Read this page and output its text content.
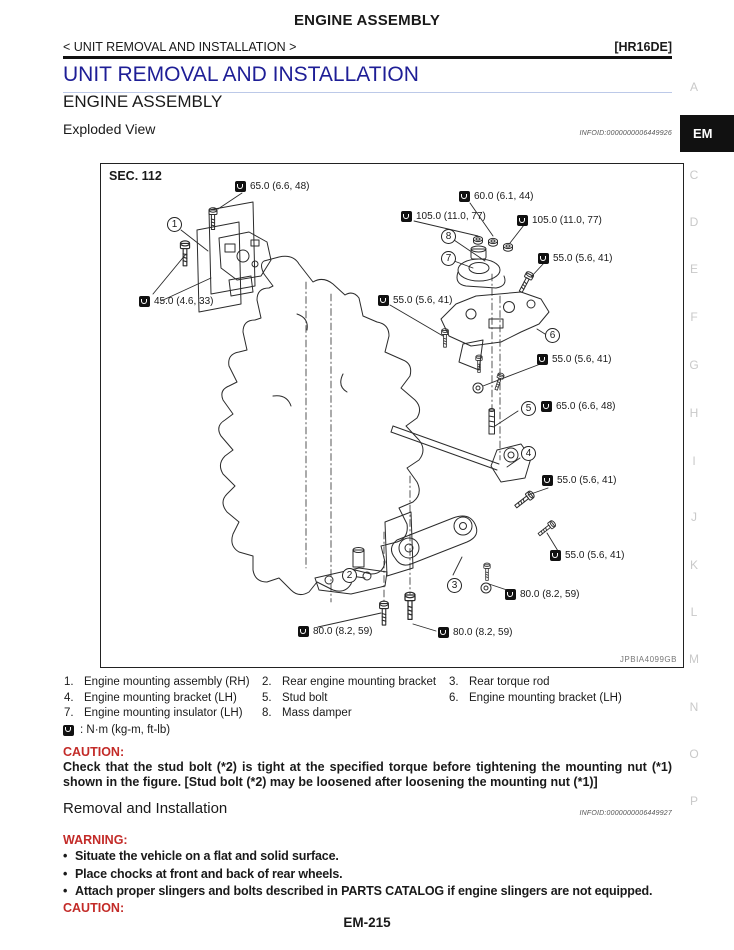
ENGINE ASSEMBLY
< UNIT REMOVAL AND INSTALLATION >	[HR16DE]
UNIT REMOVAL AND INSTALLATION
ENGINE ASSEMBLY
Exploded View	INFOID:0000000006449926
A
EM
C
D
E
F
G
H
I
J
K
L
M
N
O
P
SEC. 112
JPBIA4099GB
65.0 (6.6, 48)
45.0 (4.6, 33)
60.0 (6.1, 44)
105.0 (11.0, 77)	105.0 (11.0, 77)
55.0 (5.6, 41)
55.0 (5.6, 41)
55.0 (5.6, 41)
65.0 (6.6, 48)
55.0 (5.6, 41)
55.0 (5.6, 41)
80.0 (8.2, 59)
80.0 (8.2, 59)	80.0 (8.2, 59)
1
2
3
4
5
6
7
8
1. Engine mounting assembly (RH) 2. Rear engine mounting bracket 3. Rear torque rod
4. Engine mounting bracket (LH) 5. Stud bolt	6. Engine mounting bracket (LH)
7. Engine mounting insulator (LH) 8. Mass damper
: N·m (kg-m, ft-lb)
CAUTION:
Check that the stud bolt (*2) is tight at the specified torque before tightening the mounting nut (*1) shown in the figure. [Stud bolt (*2) may be loosened after loosening the mounting nut (*1)]
Removal and Installation	INFOID:0000000006449927
WARNING:
• Situate the vehicle on a flat and solid surface.
• Place chocks at front and back of rear wheels.
• Attach proper slingers and bolts described in PARTS CATALOG if engine slingers are not equipped.
CAUTION:
EM-215
